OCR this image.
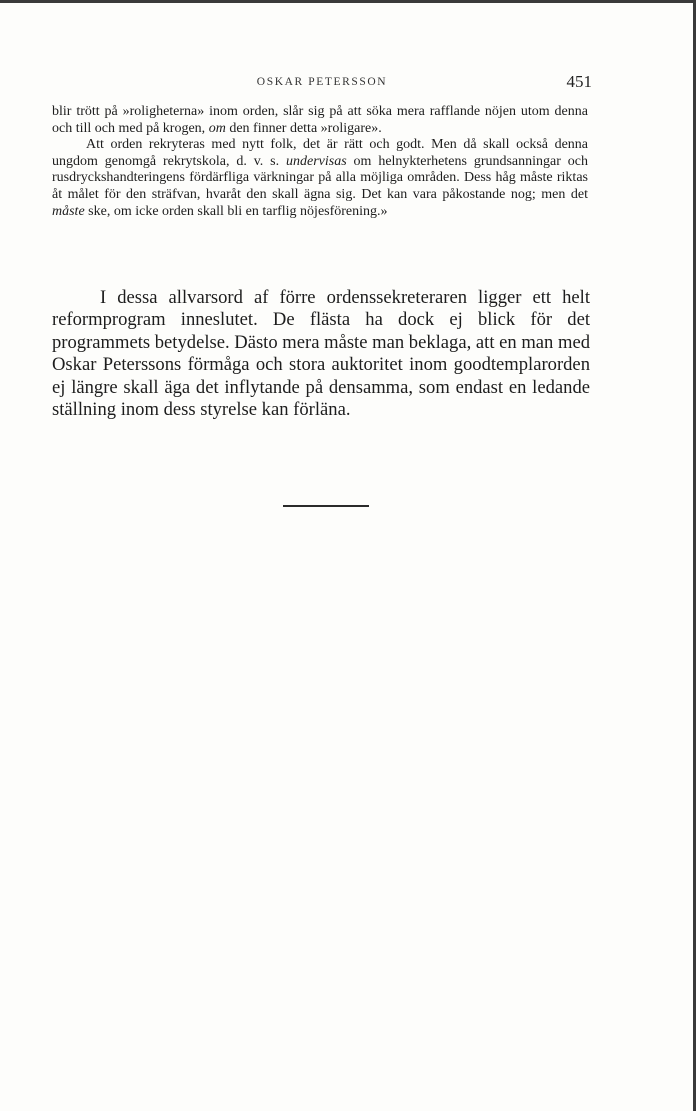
OSKAR PETERSSON	451

blir trött på »roligheterna» inom orden, slår sig på att söka mera rafflande nöjen utom denna och till och med på krogen, om den finner detta »roligare».

Att orden rekryteras med nytt folk, det är rätt och godt. Men då skall också denna ungdom genomgå rekrytskola, d. v. s. undervisas om helnykterhetens grundsanningar och rusdryckshandteringens fördärfliga värkningar på alla möjliga områden. Dess håg måste riktas åt målet för den sträfvan, hvaråt den skall ägna sig. Det kan vara påkostande nog; men det måste ske, om icke orden skall bli en tarflig nöjesförening.»

I dessa allvarsord af förre ordenssekreteraren ligger ett helt reformprogram inneslutet. De flästa ha dock ej blick för det programmets betydelse. Dästo mera måste man beklaga, att en man med Oskar Peterssons förmåga och stora auktoritet inom goodtemplarorden ej längre skall äga det inflytande på densamma, som endast en ledande ställning inom dess styrelse kan förläna.
